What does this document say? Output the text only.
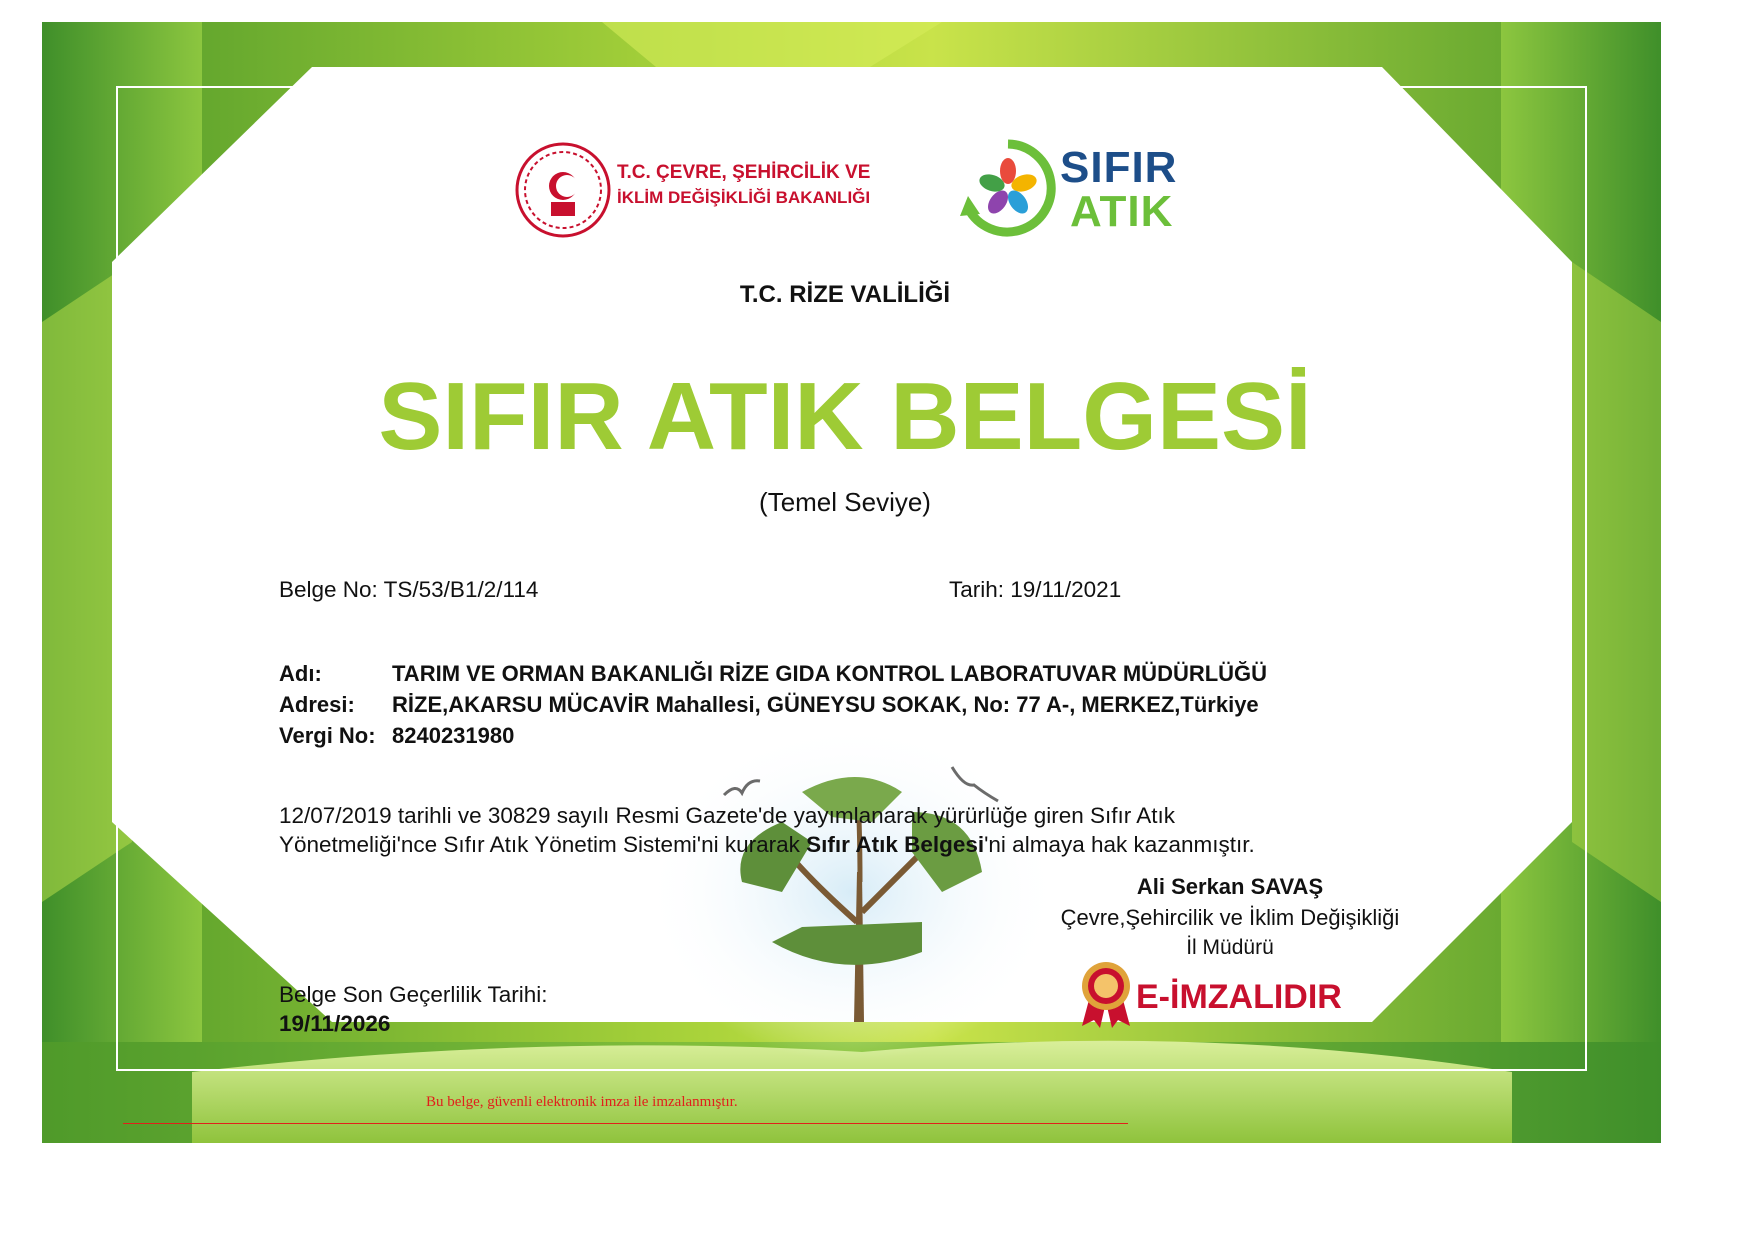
T.C. ÇEVRE, ŞEHİRCİLİK VE
İKLİM DEĞİŞİKLİĞİ BAKANLIĞI
SIFIR
ATIK
T.C. RİZE VALİLİĞİ
SIFIR ATIK BELGESİ
(Temel Seviye)
Belge No: TS/53/B1/2/114	Tarih: 19/11/2021
Adı:	TARIM VE ORMAN BAKANLIĞI RİZE GIDA KONTROL LABORATUVAR MÜDÜRLÜĞÜ
Adresi: RİZE,AKARSU MÜCAVİR Mahallesi, GÜNEYSU SOKAK, No: 77 A-, MERKEZ,Türkiye
Vergi No: 8240231980
12/07/2019 tarihli ve 30829 sayılı Resmi Gazete'de yayımlanarak yürürlüğe giren Sıfır Atık
Yönetmeliği'nce Sıfır Atık Yönetim Sistemi'ni kurarak Sıfır Atık Belgesi'ni almaya hak kazanmıştır.
Ali Serkan SAVAŞ
Çevre,Şehircilik ve İklim Değişikliği
İl Müdürü
E-İMZALIDIR
Belge Son Geçerlilik Tarihi:
19/11/2026
Bu belge, güvenli elektronik imza ile imzalanmıştır.
